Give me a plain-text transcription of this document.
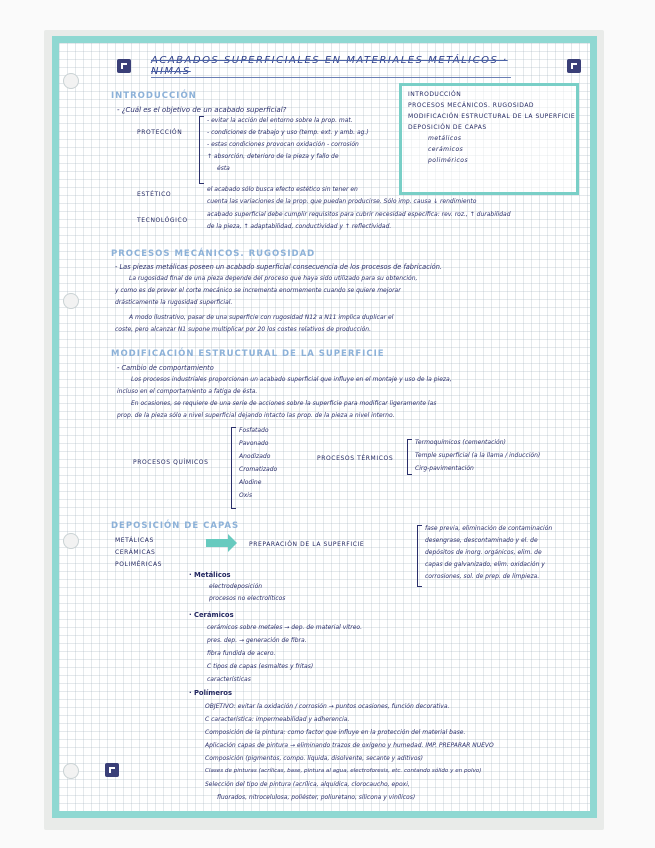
ACABADOS SUPERFICIALES EN MATERIALES METÁLICOS · NIMAS
INTRODUCCIÓN
PROCESOS MECÁNICOS. RUGOSIDAD
MODIFICACIÓN ESTRUCTURAL DE LA SUPERFICIE
DEPOSICIÓN DE CAPAS
metálicos
cerámicos
poliméricos
INTRODUCCIÓN
- ¿Cuál es el objetivo de un acabado superficial?
PROTECCIÓN
- evitar la acción del entorno sobre la prop. mat.
- condiciones de trabajo y uso (temp. ext. y amb. ag.)
- estas condiciones provocan oxidación - corrosión
↑ absorción, deterioro de la pieza y fallo de
ésta
ESTÉTICO
el acabado sólo busca efecto estético sin tener en
cuenta las variaciones de la prop. que puedan producirse. Sólo imp. causa ↓ rendimiento
TECNOLÓGICO
acabado superficial debe cumplir requisitos para cubrir necesidad específica: rev. roz., ↑ durabilidad
de la pieza, ↑ adaptabilidad, conductividad y ↑ reflectividad.
PROCESOS MECÁNICOS. RUGOSIDAD
- Las piezas metálicas poseen un acabado superficial consecuencia de los procesos de fabricación.
La rugosidad final de una pieza depende del proceso que haya sido utilizado para su obtención,
y como es de prever el corte mecánico se incrementa enormemente cuando se quiere mejorar
drásticamente la rugosidad superficial.
A modo ilustrativo, pasar de una superficie con rugosidad N12 a N11 implica duplicar el
coste, pero alcanzar N1 supone multiplicar por 20 los costes relativos de producción.
MODIFICACIÓN ESTRUCTURAL DE LA SUPERFICIE
- Cambio de comportamiento
Los procesos industriales proporcionan un acabado superficial que influye en el montaje y uso de la pieza,
incluso en el comportamiento a fatiga de ésta.
En ocasiones, se requiere de una serie de acciones sobre la superficie para modificar ligeramente las
prop. de la pieza sólo a nivel superficial dejando intacto las prop. de la pieza a nivel interno.
PROCESOS QUÍMICOS
Fosfatado
Pavonado
Anodizado
Cromatizado
Alodine
Oxis
PROCESOS TÉRMICOS
Termoquímicos (cementación)
Temple superficial (a la llama / inducción)
Cirg-pavimentación
DEPOSICIÓN DE CAPAS
METÁLICAS
CERÁMICAS
POLIMÉRICAS
PREPARACIÓN DE LA SUPERFICIE
fase previa, eliminación de contaminación
desengrase, descontaminado y el. de
depósitos de inorg. orgánicos, elim. de
capas de galvanizado, elim. oxidación y
corrosiones, sol. de prep. de limpieza.
· Metálicos
electrodeposición
procesos no electrolíticos
· Cerámicos
cerámicos sobre metales → dep. de material vítreo.
pres. dep. → generación de fibra.
fibra fundida de acero.
C tipos de capas (esmaltes y fritas)
características
· Polímeros
OBJETIVO: evitar la oxidación / corrosión → puntos ocasiones, función decorativa.
C característica: impermeabilidad y adherencia.
Composición de la pintura: como factor que influye en la protección del material base.
Aplicación capas de pintura → eliminando trazos de oxígeno y humedad. IMP. PREPARAR NUEVO
Composición (pigmentos, compo. líquida, disolvente, secante y aditivos)
Clases de pinturas (acrílicas, base, pintura al agua, electroforesis, etc. contando sólido y en polvo)
Selección del tipo de pintura (acrílica, alquídica, clorocaucho, epoxi,
fluorados, nitrocelulosa, poliéster, poliuretano, silicona y vinílicos)
